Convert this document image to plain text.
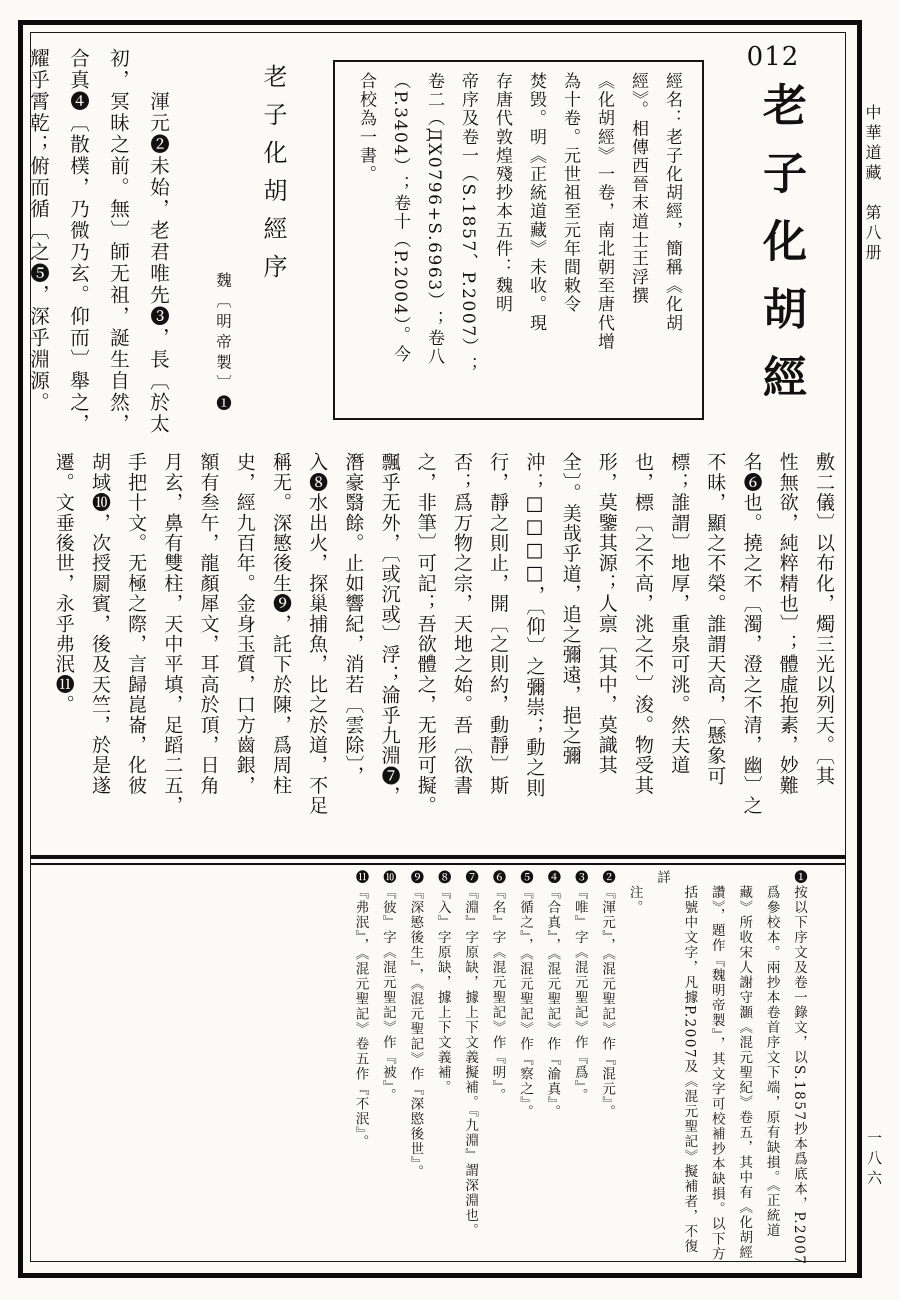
中華道藏　第八册
一八六
012
老子化胡經
經名：老子化胡經，簡稱《化胡
經》。相傳西晉末道士王浮撰
《化胡經》一卷，南北朝至唐代增
為十卷。元世祖至元年間敕令
焚毁。明《正統道藏》未收。現
存唐代敦煌殘抄本五件：魏明
帝序及卷一（S.1857、P.2007）；
卷二（ДХ0796+S.6963）；卷八
（P.3404）；卷十（P.2004）。今
合校為一書。
老子化胡經序
魏〔明帝製〕❶
　　渾元❷未始，老君唯先❸，長〔於太
初，冥昧之前。無〕師无祖，誕生自然，
合真❹〔散樸，乃微乃玄。仰而〕舉之，
耀乎霄乾；俯而循〔之❺，深乎淵源。
敷二儀〕以布化，燭三光以列天。〔其
性無欲，純粹精也〕；體虛抱素，妙難
名❻也。撓之不〔濁，澄之不清，幽〕之
不昧，顯之不榮。誰謂天高，〔懸象可
標；誰謂〕地厚，重泉可洮。然夫道
也，標〔之不高，洮之不〕浚。物受其
形，莫鑒其源；人禀〔其中，莫識其
全〕。美哉乎道，追之彌遠，挹之彌
沖；□□□□，〔仰〕之彌崇；動之則
行，靜之則止，開〔之則約，動靜〕斯
否；爲万物之宗，天地之始。吾〔欲書
之，非筆〕可記；吾欲體之，无形可擬。
飄乎无外，〔或沉或〕浮；淪乎九淵❼，
潛豪翳餘。止如響紀，消若〔雲除〕，
入❽水出火，探巢捕魚，比之於道，不足
稱无。深慜後生❾，託下於陳，爲周柱
史，經九百年。金身玉質，口方齒銀，
額有叁午，龍顏犀文，耳高於頂，日角
月玄，鼻有雙柱，天中平填，足蹈二五，
手把十文。无極之際，言歸崑崙，化彼
胡域❿，次授罽賓，後及天竺，於是遂
遷。文垂後世，永乎弗泯⓫。
❶按以下序文及卷一錄文，以S.1857抄本爲底本，P.2007
　爲參校本。兩抄本卷首序文下端，原有缺損。《正統道
　藏》所收宋人謝守灝《混元聖紀》卷五，其中有《化胡經
　讚》，題作『魏明帝製』，其文字可校補抄本缺損。以下方
　括號中文字，凡據P.2007及《混元聖記》擬補者，不復詳
　注。
❷『渾元』，《混元聖記》作『混元』。
❸『唯』字《混元聖記》作『爲』。
❹『合真』，《混元聖記》作『渝真』。
❺『循之』，《混元聖記》作『察之』。
❻『名』字《混元聖記》作『明』。
❼『淵』字原缺，據上下文義擬補。『九淵』謂深淵也。
❽『入』字原缺，據上下文義補。
❾『深慜後生』，《混元聖記》作『深愍後世』。
❿『彼』字《混元聖記》作『被』。
⓫『弗泯』，《混元聖記》卷五作『不泯』。
